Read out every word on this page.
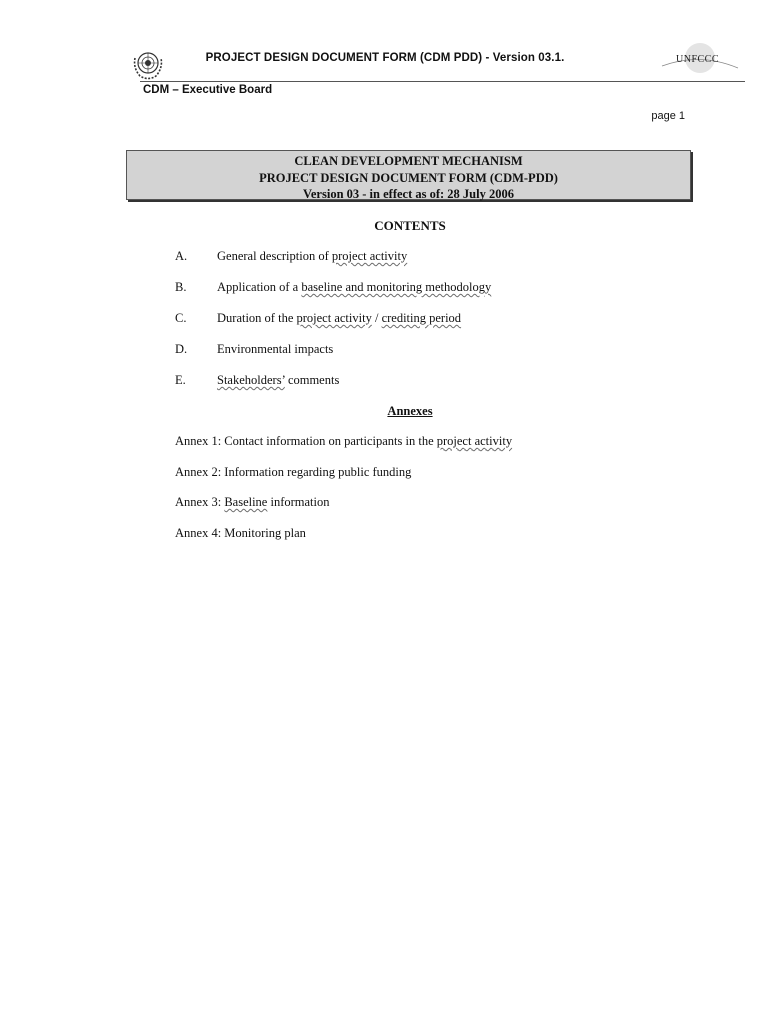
PROJECT DESIGN DOCUMENT FORM (CDM PDD) - Version 03.1.	UNFCCC
CDM – Executive Board
page 1
CLEAN DEVELOPMENT MECHANISM
PROJECT DESIGN DOCUMENT FORM (CDM-PDD)
Version 03 - in effect as of: 28 July 2006
CONTENTS
A. General description of project activity
B. Application of a baseline and monitoring methodology
C. Duration of the project activity / crediting period
D. Environmental impacts
E. Stakeholders’ comments
Annexes
Annex 1: Contact information on participants in the project activity
Annex 2: Information regarding public funding
Annex 3: Baseline information
Annex 4: Monitoring plan
